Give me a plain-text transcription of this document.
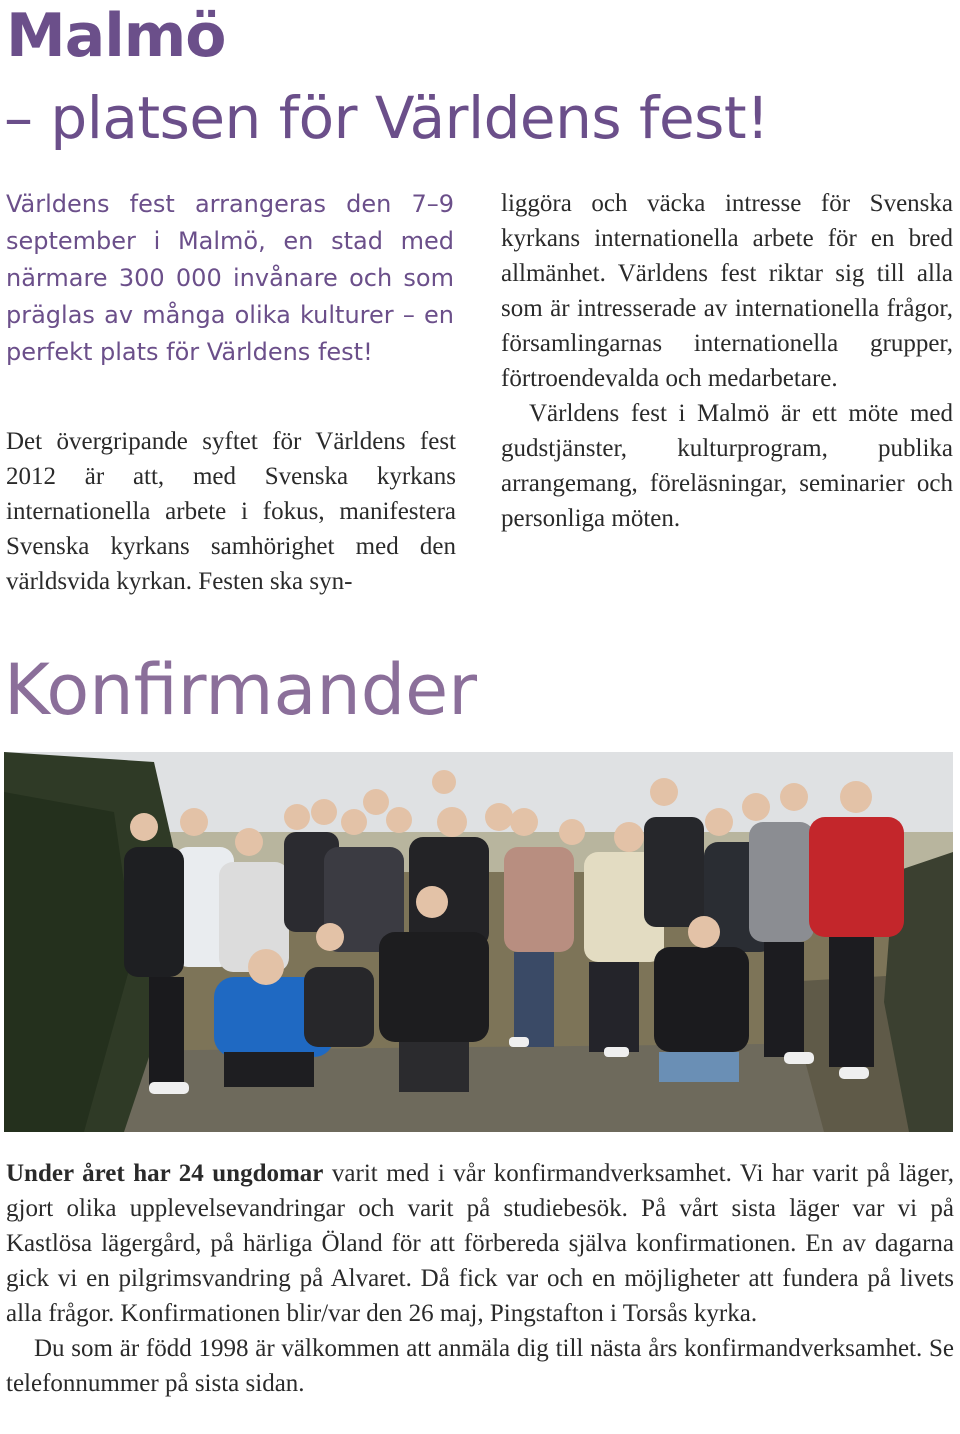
Malmö
– platsen för Världens fest!
Världens fest arrangeras den 7–9 september i Malmö, en stad med närmare 300 000 invånare och som präglas av många olika kulturer – en perfekt plats för Världens fest!

Det övergripande syftet för Världens fest 2012 är att, med Svenska kyrkans internationella arbete i fokus, manifestera Svenska kyrkans samhörighet med den världsvida kyrkan. Festen ska syn-

liggöra och väcka intresse för Svenska kyrkans internationella arbete för en bred allmänhet. Världens fest riktar sig till alla som är intresserade av internationella frågor, församlingarnas internationella grupper, förtroendevalda och medarbetare.

Världens fest i Malmö är ett möte med gudstjänster, kulturprogram, publika arrangemang, föreläsningar, seminarier och personliga möten.

Konfirmander

Under året har 24 ungdomar varit med i vår konfirmandverksamhet. Vi har varit på läger, gjort olika upplevelsevandringar och varit på studiebesök. På vårt sista läger var vi på Kastlösa lägergård, på härliga Öland för att förbereda själva konfirmationen. En av dagarna gick vi en pilgrimsvandring på Alvaret. Då fick var och en möjligheter att fundera på livets alla frågor. Konfirmationen blir/var den 26 maj, Pingstafton i Torsås kyrka.

Du som är född 1998 är välkommen att anmäla dig till nästa års konfirmandverksamhet. Se telefonnummer på sista sidan.
